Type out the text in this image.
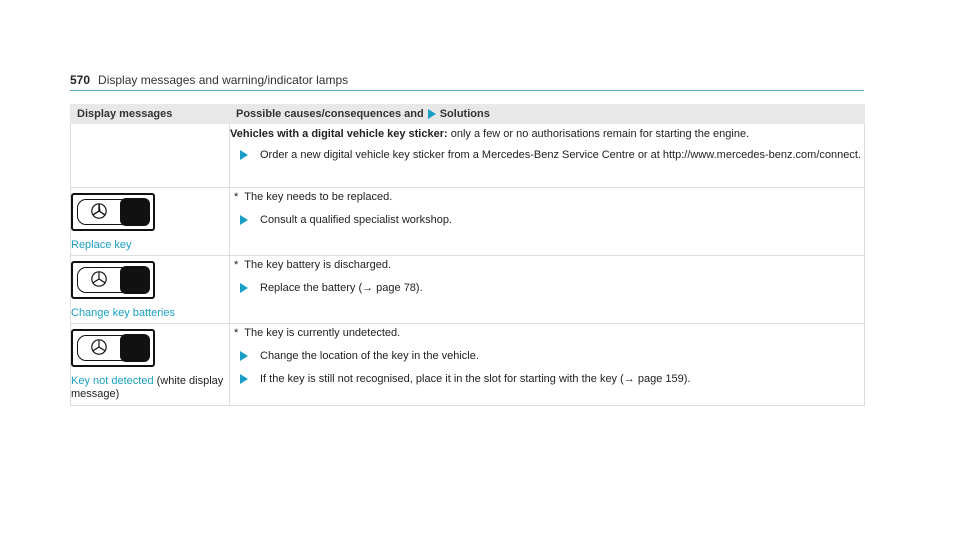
570 Display messages and warning/indicator lamps
Display messages	Possible causes/consequences and Solutions

	Vehicles with a digital vehicle key sticker: only a few or no authorisations remain for starting the engine.
Order a new digital vehicle key sticker from a Mercedes-Benz Service Centre or at http://www.mercedes-benz.com/connect.

Replace key	* The key needs to be replaced.
Consult a qualified specialist workshop.

Change key batteries	* The key battery is discharged.
Replace the battery (→ page 78).

Key not detected (white display message)	* The key is currently undetected.
Change the location of the key in the vehicle.
If the key is still not recognised, place it in the slot for starting with the key (→ page 159).
